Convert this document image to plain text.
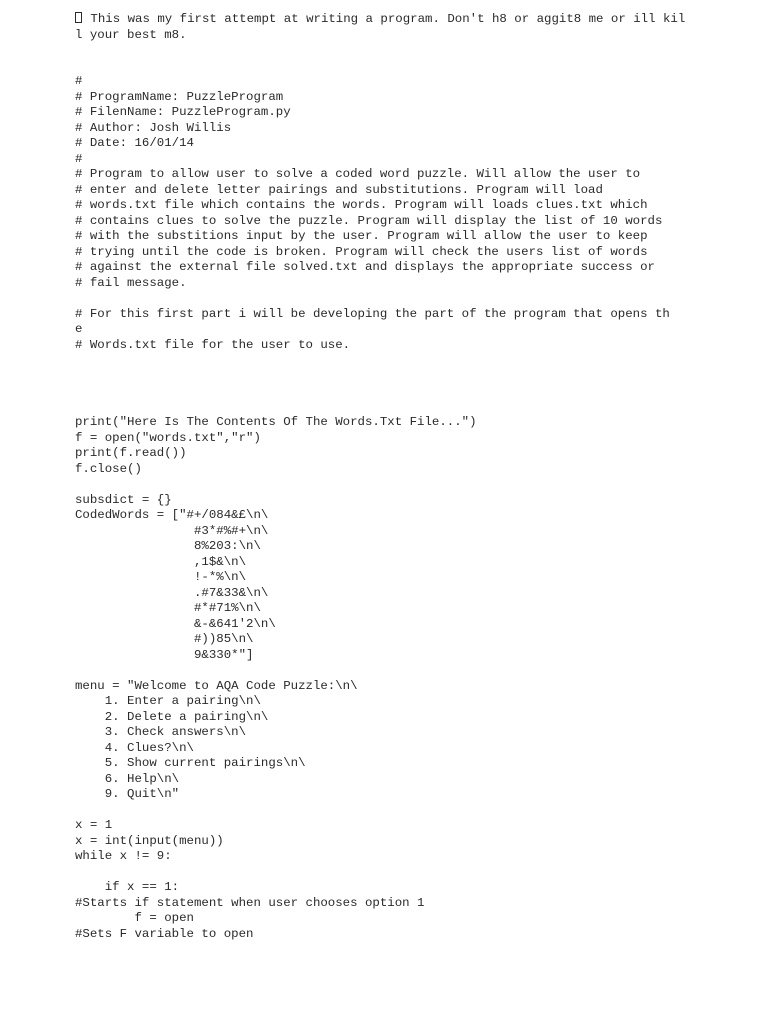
This was my first attempt at writing a program. Don't h8 or aggit8 me or ill kil
l your best m8.
#
# ProgramName: PuzzleProgram
# FilenName: PuzzleProgram.py
# Author: Josh Willis
# Date: 16/01/14
#
# Program to allow user to solve a coded word puzzle. Will allow the user to
# enter and delete letter pairings and substitutions. Program will load
# words.txt file which contains the words. Program will loads clues.txt which
# contains clues to solve the puzzle. Program will display the list of 10 words
# with the substitions input by the user. Program will allow the user to keep
# trying until the code is broken. Program will check the users list of words
# against the external file solved.txt and displays the appropriate success or
# fail message.
# For this first part i will be developing the part of the program that opens th
e
# Words.txt file for the user to use.
print("Here Is The Contents Of The Words.Txt File...")
f = open("words.txt","r")
print(f.read())
f.close()
subsdict = {}
CodedWords = ["#+/084&£\n\
#3*#%#+\n\
8%203:\n\
,1$&\n\
!-*%\n\
.#7&33&\n\
#*#71%\n\
&-&641'2\n\
#))85\n\
9&330*"]
menu = "Welcome to AQA Code Puzzle:\n\
1. Enter a pairing\n\
2. Delete a pairing\n\
3. Check answers\n\
4. Clues?\n\
5. Show current pairings\n\
6. Help\n\
9. Quit\n"
x = 1
x = int(input(menu))
while x != 9:
if x == 1:
#Starts if statement when user chooses option 1
f = open
#Sets F variable to open
